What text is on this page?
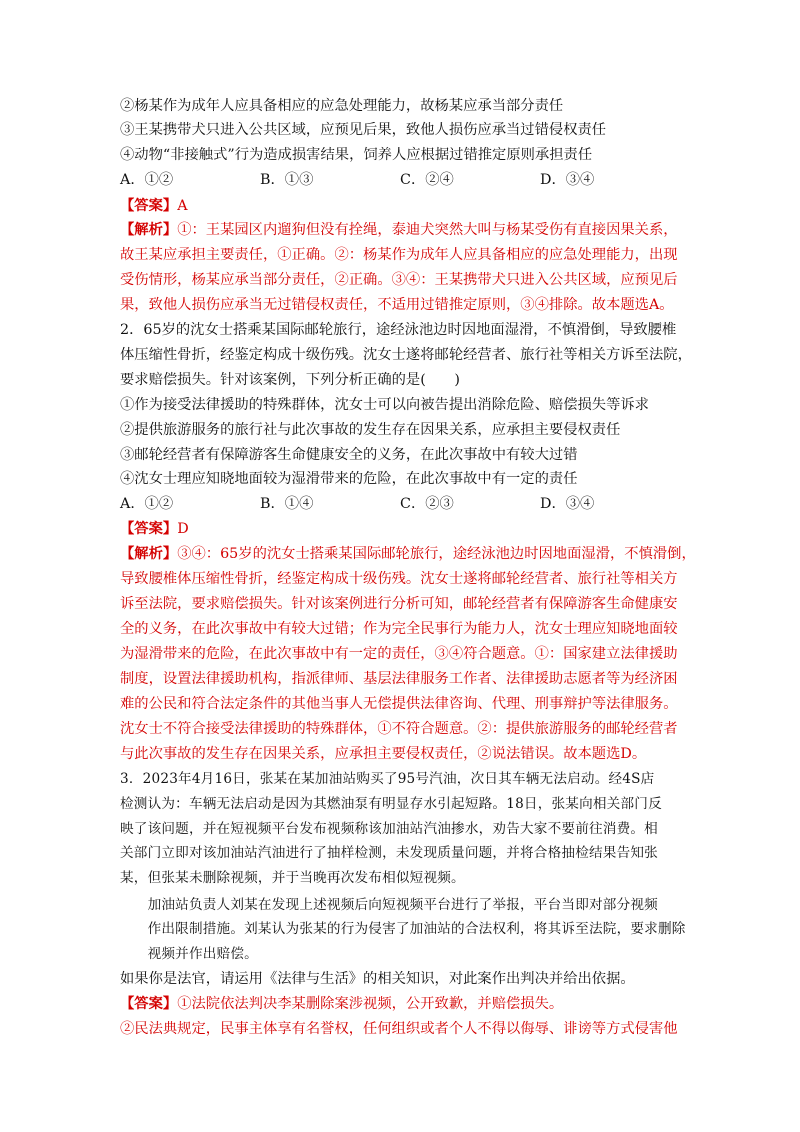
②杨某作为成年人应具备相应的应急处理能力，故杨某应承当部分责任
③王某携带犬只进入公共区域，应预见后果，致他人损伤应承当过错侵权责任
④动物“非接触式”行为造成损害结果，饲养人应根据过错推定原则承担责任
A．①②	B．①③	C．②④	D．③④
【答案】A
【解析】①：王某园区内遛狗但没有拴绳，泰迪犬突然大叫与杨某受伤有直接因果关系，
故王某应承担主要责任，①正确。②：杨某作为成年人应具备相应的应急处理能力，出现
受伤情形，杨某应承当部分责任，②正确。③④：王某携带犬只进入公共区域，应预见后
果，致他人损伤应承当无过错侵权责任，不适用过错推定原则，③④排除。故本题选A。
2．65岁的沈女士搭乘某国际邮轮旅行，途经泳池边时因地面湿滑，不慎滑倒，导致腰椎
体压缩性骨折，经鉴定构成十级伤残。沈女士遂将邮轮经营者、旅行社等相关方诉至法院，
要求赔偿损失。针对该案例，下列分析正确的是(　　)
①作为接受法律援助的特殊群体，沈女士可以向被告提出消除危险、赔偿损失等诉求
②提供旅游服务的旅行社与此次事故的发生存在因果关系，应承担主要侵权责任
③邮轮经营者有保障游客生命健康安全的义务，在此次事故中有较大过错
④沈女士理应知晓地面较为湿滑带来的危险，在此次事故中有一定的责任
A．①②	B．①④	C．②③	D．③④
【答案】D
【解析】③④：65岁的沈女士搭乘某国际邮轮旅行，途经泳池边时因地面湿滑，不慎滑倒，
导致腰椎体压缩性骨折，经鉴定构成十级伤残。沈女士遂将邮轮经营者、旅行社等相关方
诉至法院，要求赔偿损失。针对该案例进行分析可知，邮轮经营者有保障游客生命健康安
全的义务，在此次事故中有较大过错；作为完全民事行为能力人，沈女士理应知晓地面较
为湿滑带来的危险，在此次事故中有一定的责任，③④符合题意。①：国家建立法律援助
制度，设置法律援助机构，指派律师、基层法律服务工作者、法律援助志愿者等为经济困
难的公民和符合法定条件的其他当事人无偿提供法律咨询、代理、刑事辩护等法律服务。
沈女士不符合接受法律援助的特殊群体，①不符合题意。②：提供旅游服务的邮轮经营者
与此次事故的发生存在因果关系，应承担主要侵权责任，②说法错误。故本题选D。
3．2023年4月16日，张某在某加油站购买了95号汽油，次日其车辆无法启动。经4S店
检测认为：车辆无法启动是因为其燃油泵有明显存水引起短路。18日，张某向相关部门反
映了该问题，并在短视频平台发布视频称该加油站汽油掺水，劝告大家不要前往消费。相
关部门立即对该加油站汽油进行了抽样检测，未发现质量问题，并将合格抽检结果告知张
某，但张某未删除视频，并于当晚再次发布相似短视频。
　　加油站负责人刘某在发现上述视频后向短视频平台进行了举报，平台当即对部分视频
　　作出限制措施。刘某认为张某的行为侵害了加油站的合法权利，将其诉至法院，要求删除
　　视频并作出赔偿。
如果你是法官，请运用《法律与生活》的相关知识，对此案作出判决并给出依据。
【答案】①法院依法判决李某删除案涉视频，公开致歉，并赔偿损失。
②民法典规定，民事主体享有名誉权，任何组织或者个人不得以侮辱、诽谤等方式侵害他
